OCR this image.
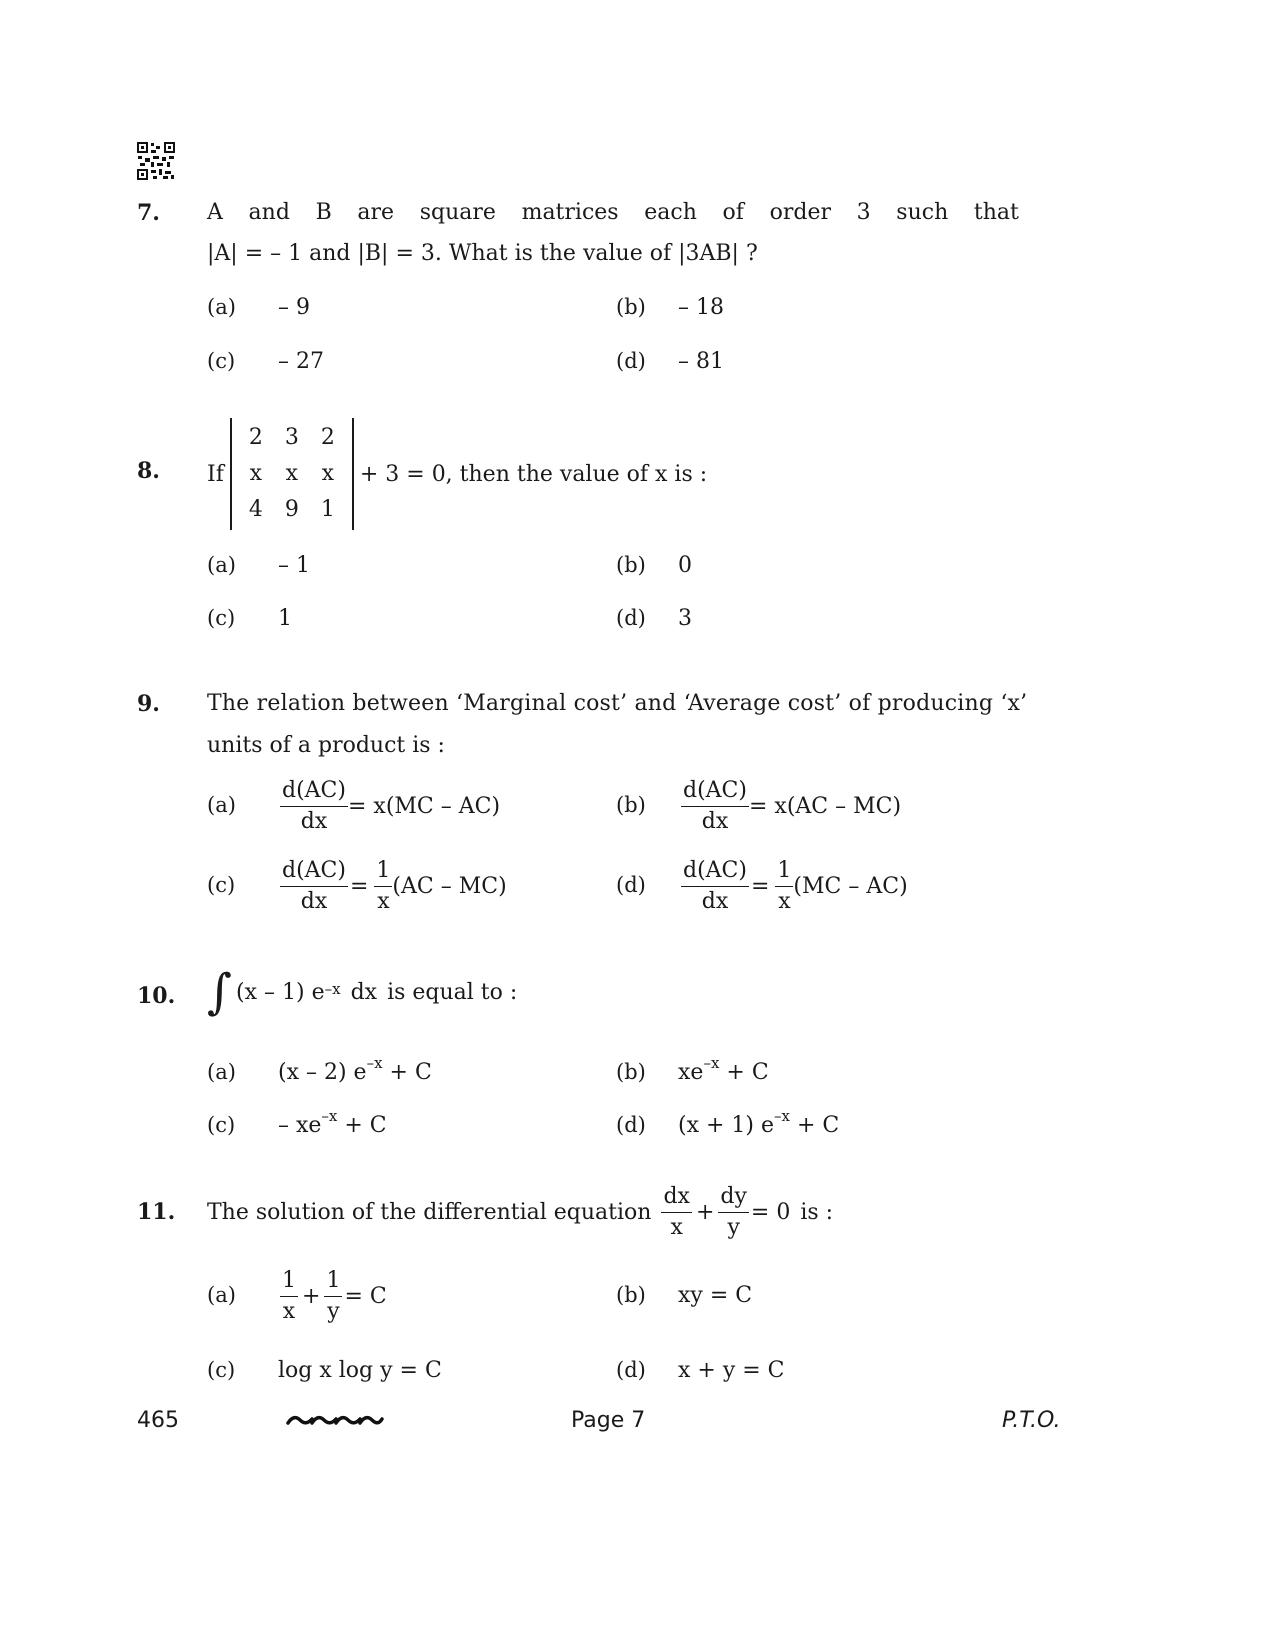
7. A and B are square matrices each of order 3 such that
|A| = – 1 and |B| = 3. What is the value of |3AB| ?
(a) – 9	(b) – 18
(c) – 27	(d) – 81
8. If
2	3	2
x	x	x
4	9	1
+ 3 = 0, then the value of x is :
(a) – 1	(b) 0
(c) 1	(d) 3
9. The relation between ‘Marginal cost’ and ‘Average cost’ of producing ‘x’
units of a product is :
$(a) \frac{d(AC)}{dx} = x(MC - AC)$	$(b) \frac{d(AC)}{dx} = x(AC - MC)$
$(c) \frac{d(AC)}{dx} = \frac{1}{x} (AC - MC)$	$(d) \frac{d(AC)}{dx} = \frac{1}{x} (MC - AC)$
10. ∫ (x – 1) $e^{-x}$ dx is equal to :
(a) (x – 2) $e^{-x} + C$	(b) $xe^{-x} + C$
$(c) - xe^{-x} + C$	(d) (x + 1) $e^{-x} + C$
11. The solution of the differential equation $\frac{dx}{x} + \frac{dy}{y} = 0$ is :
$(a) \frac{1}{x} + \frac{1}{y} = C$	(b) xy = C
(c) log x log y = C	(d) x + y = C
465	Page 7	P.T.O.
